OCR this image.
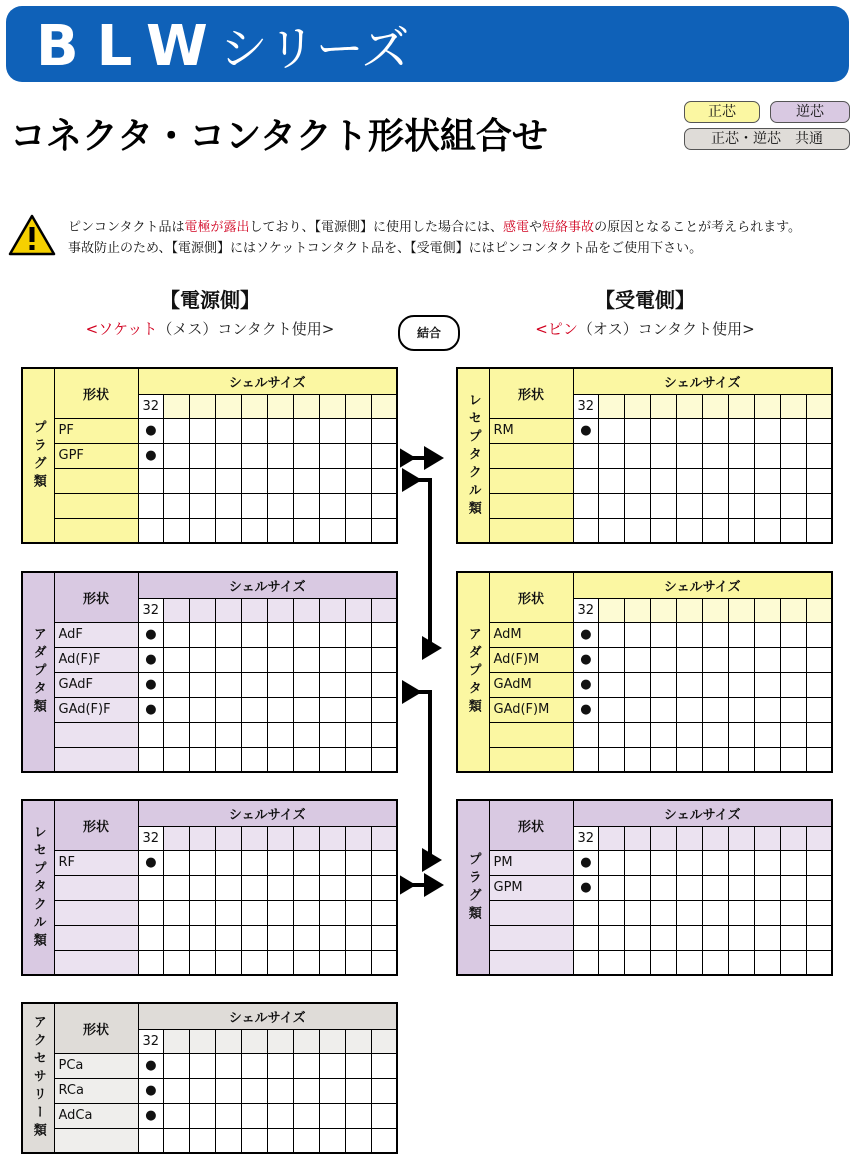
BLWシリーズ
コネクタ・コンタクト形状組合せ
正芯	逆芯
正芯・逆芯　共通
ピンコンタクト品は電極が露出しており、【電源側】に使用した場合には、感電や短絡事故の原因となることが考えられます。
事故防止のため、【電源側】にはソケットコンタクト品を、【受電側】にはピンコンタクト品をご使用下さい。
【電源側】
<ソケット（メス）コンタクト使用>
【受電側】
<ピン（オス）コンタクト使用>
結合
プラグ類	形状	シェルサイズ									
		32									
	PF	●									
	GPF	●									

											レセプタクル類	形状	シェルサイズ									
		32									
	RM	●									

アダプタ類	形状	シェルサイズ									
		32									
	AdF	●									
	Ad(F)F	●									
	GAdF	●									
	GAd(F)F	●									

											アダプタ類	形状	シェルサイズ									
		32									
	AdM	●									
	Ad(F)M	●									
	GAdM	●									
	GAd(F)M	●									

レセプタクル類	形状	シェルサイズ									
		32									
	RF	●									

											プラグ類	形状	シェルサイズ									
		32									
	PM	●									
	GPM	●									

アクセサリー類	形状	シェルサイズ									
		32									
	PCa	●									
	RCa	●									
	AdCa	●									
